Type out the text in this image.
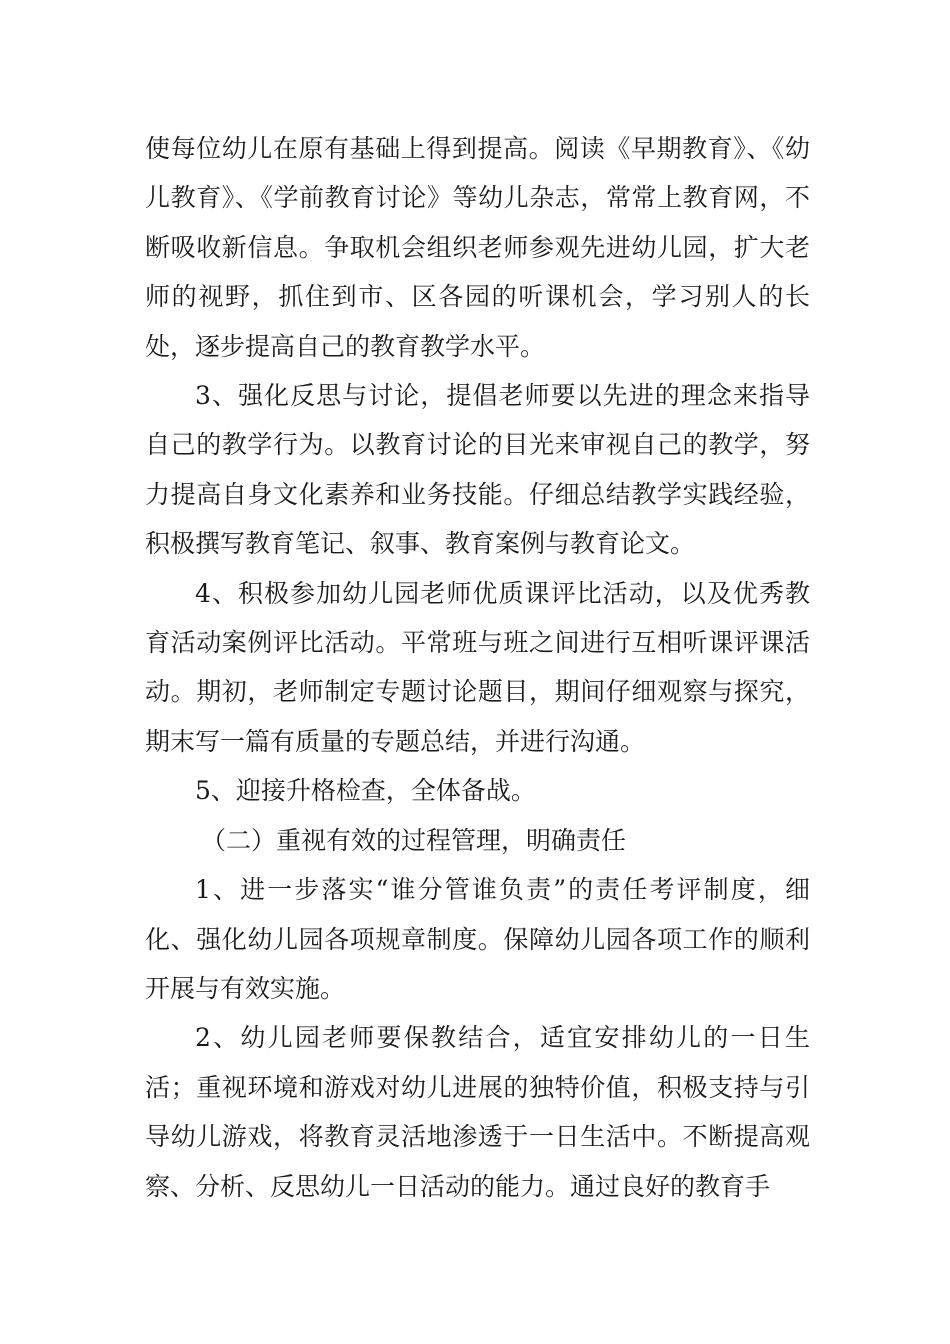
使每位幼儿在原有基础上得到提高。阅读《早期教育》、《幼儿教育》、《学前教育讨论》等幼儿杂志，常常上教育网，不断吸收新信息。争取机会组织老师参观先进幼儿园，扩大老师的视野，抓住到市、区各园的听课机会，学习别人的长处，逐步提高自己的教育教学水平。

3、强化反思与讨论，提倡老师要以先进的理念来指导自己的教学行为。以教育讨论的目光来审视自己的教学，努力提高自身文化素养和业务技能。仔细总结教学实践经验，积极撰写教育笔记、叙事、教育案例与教育论文。

4、积极参加幼儿园老师优质课评比活动，以及优秀教育活动案例评比活动。平常班与班之间进行互相听课评课活动。期初，老师制定专题讨论题目，期间仔细观察与探究，期末写一篇有质量的专题总结，并进行沟通。

5、迎接升格检查，全体备战。

（二）重视有效的过程管理，明确责任

1、进一步落实“谁分管谁负责”的责任考评制度，细化、强化幼儿园各项规章制度。保障幼儿园各项工作的顺利开展与有效实施。

2、幼儿园老师要保教结合，适宜安排幼儿的一日生活；重视环境和游戏对幼儿进展的独特价值，积极支持与引导幼儿游戏，将教育灵活地渗透于一日生活中。不断提高观察、分析、反思幼儿一日活动的能力。通过良好的教育手
